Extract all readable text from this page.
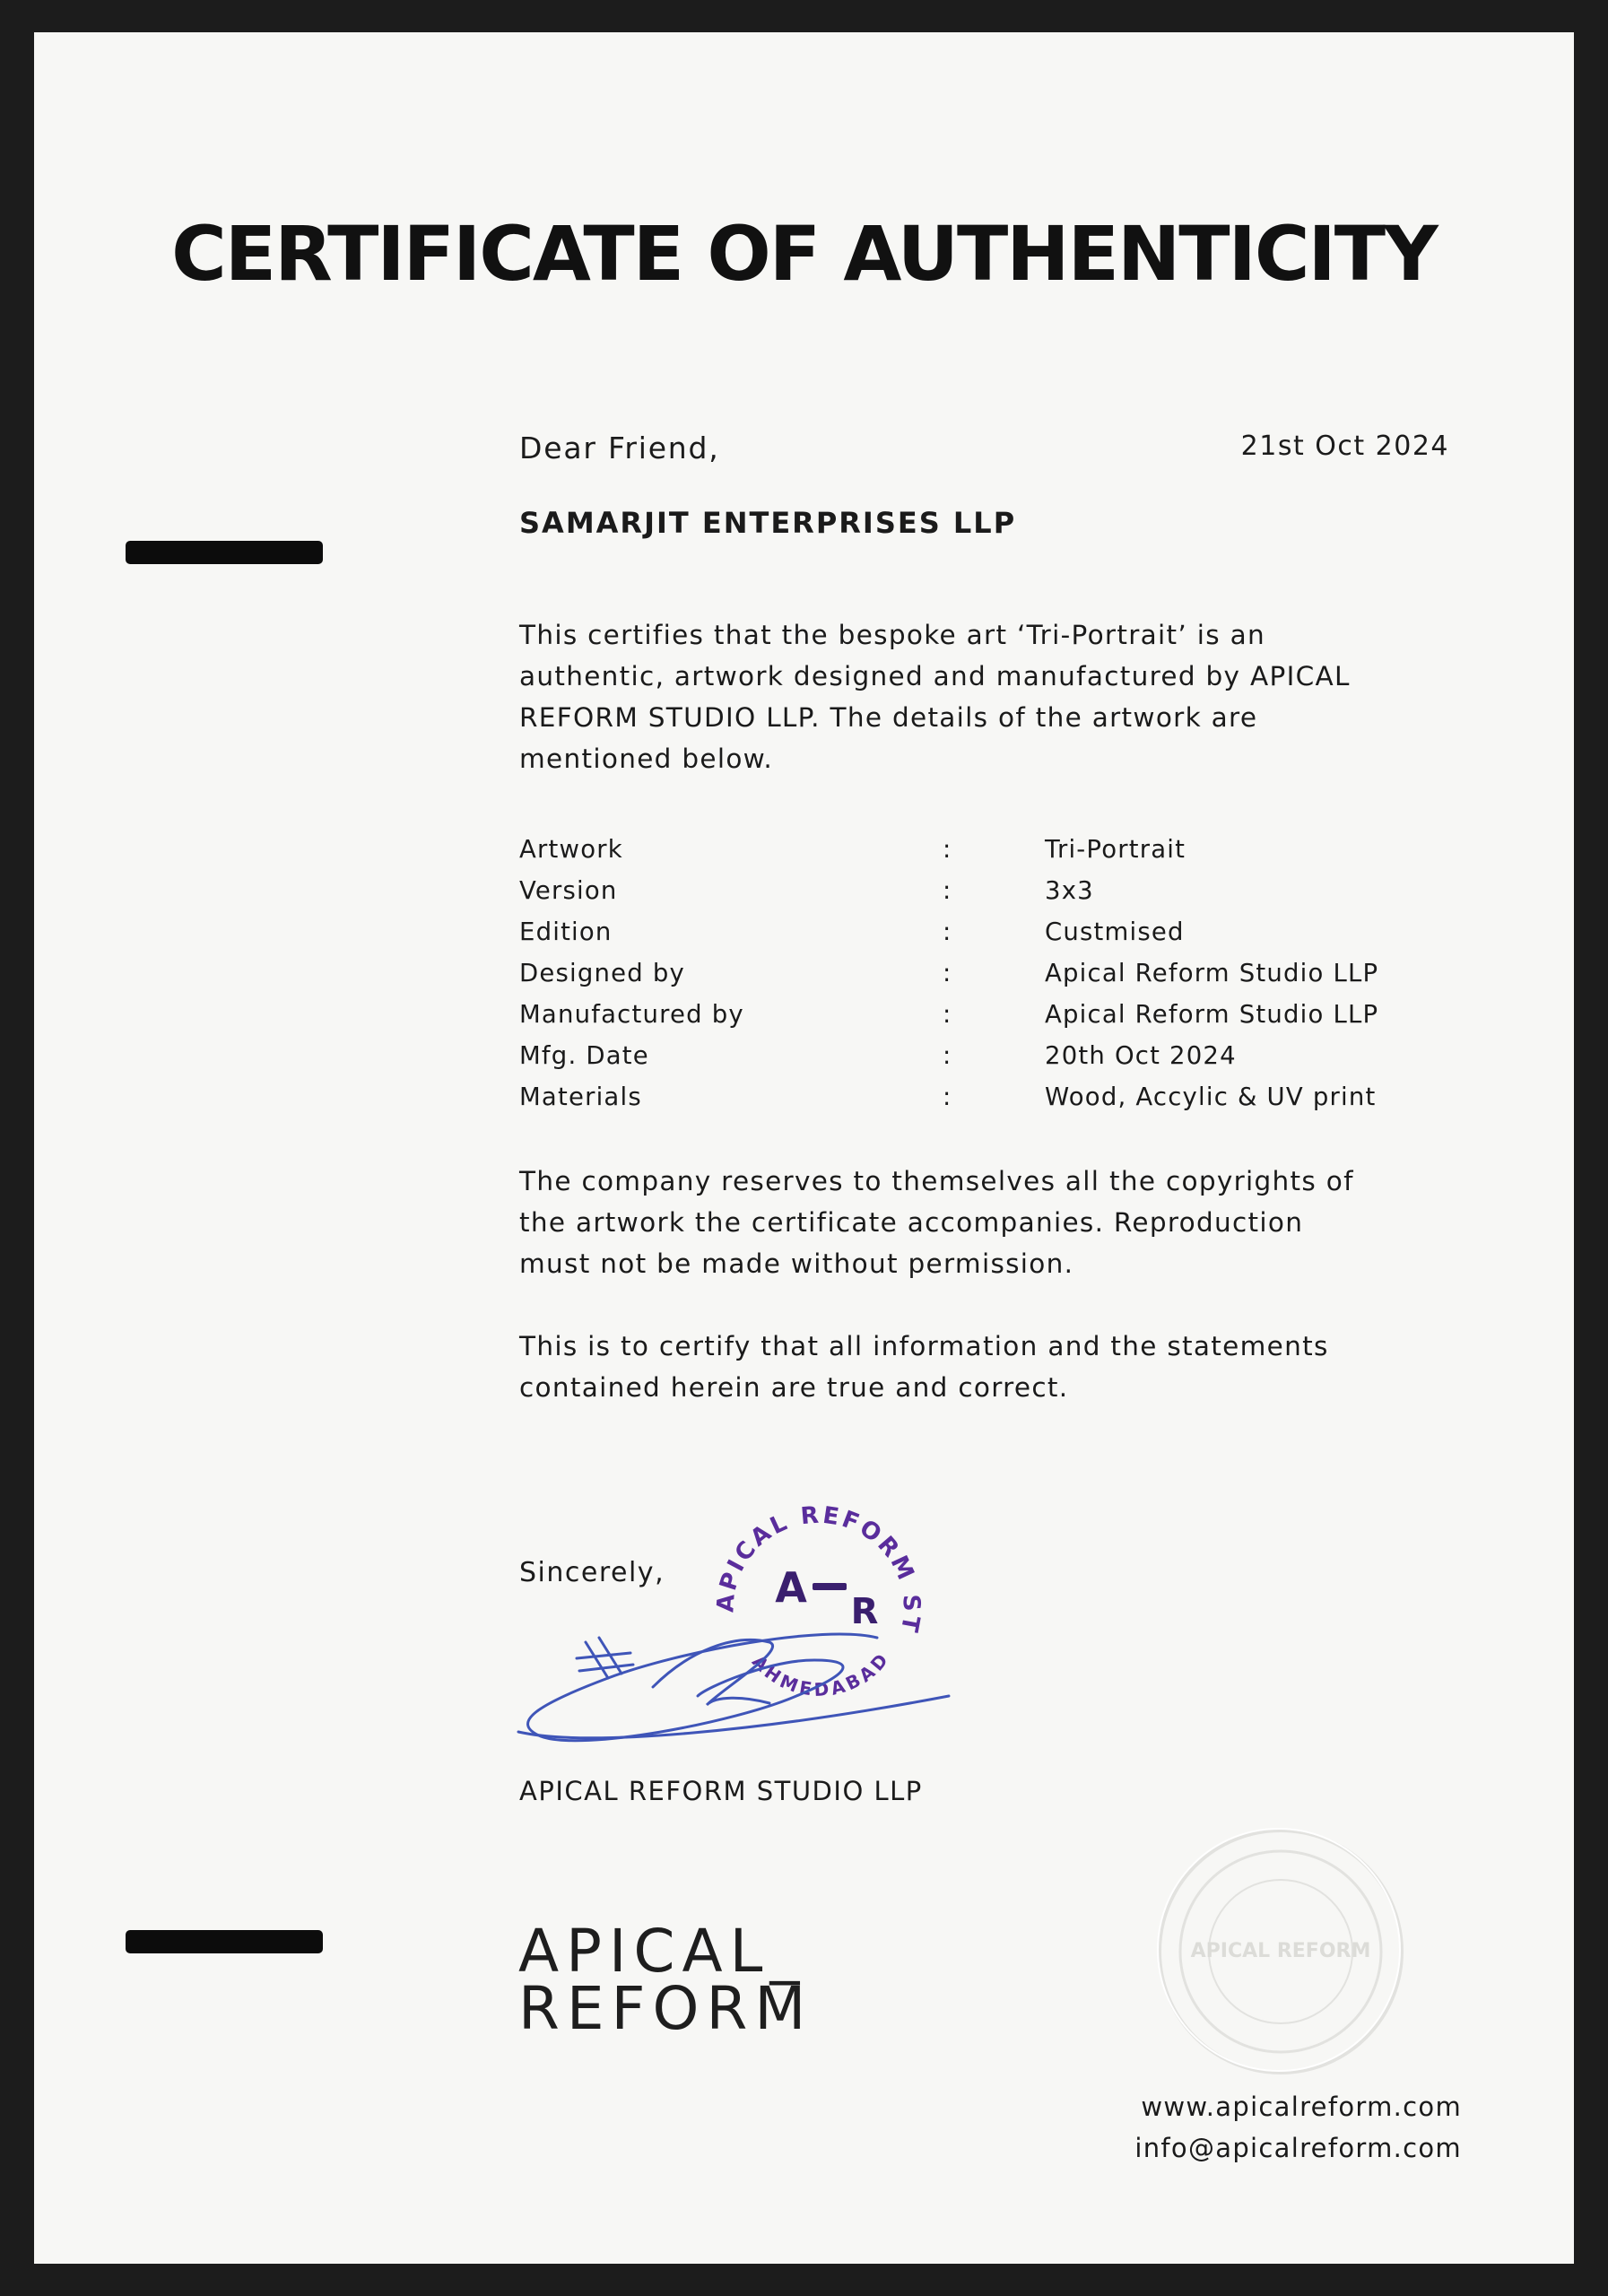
CERTIFICATE OF AUTHENTICITY
Dear Friend,	21st Oct 2024
SAMARJIT ENTERPRISES LLP
This certifies that the bespoke art ‘Tri-Portrait’ is an
authentic, artwork designed and manufactured by APICAL
REFORM STUDIO LLP. The details of the artwork are
mentioned below.
Artwork	:	Tri-Portrait
Version	:	3x3
Edition	:	Custmised
Designed by	:	Apical Reform Studio LLP
Manufactured by	:	Apical Reform Studio LLP
Mfg. Date	:	20th Oct 2024
Materials	:	Wood, Accylic & UV print
The company reserves to themselves all the copyrights of
the artwork the certificate accompanies. Reproduction
must not be made without permission.
This is to certify that all information and the statements
contained herein are true and correct.
Sincerely,
APICAL REFORM STUDIO LLP
AHMEDABAD
A R
APICAL REFORM STUDIO LLP
APICAL_
REFORM
APICAL REFORM
www.apicalreform.com
info@apicalreform.com
